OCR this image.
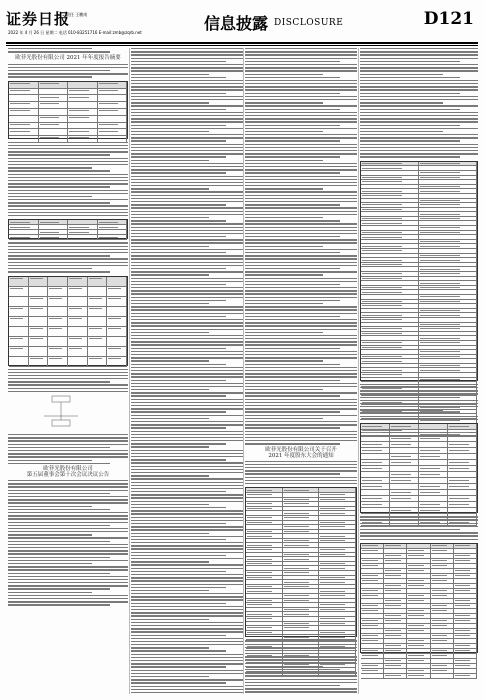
证券日报
责任 王鹏南
2022 年 4 月 26 日 星期二 电话 010-83251716 E-mail:zmb@zqrb.net	信息披露 DISCLOSURE	D121
欧菲光股份有限公司 2021 年年度报告摘要
欧菲光股份有限公司
第五届董事会第十次会议决议公告
欧菲光股份有限公司关于召开
2021 年度股东大会的通知
